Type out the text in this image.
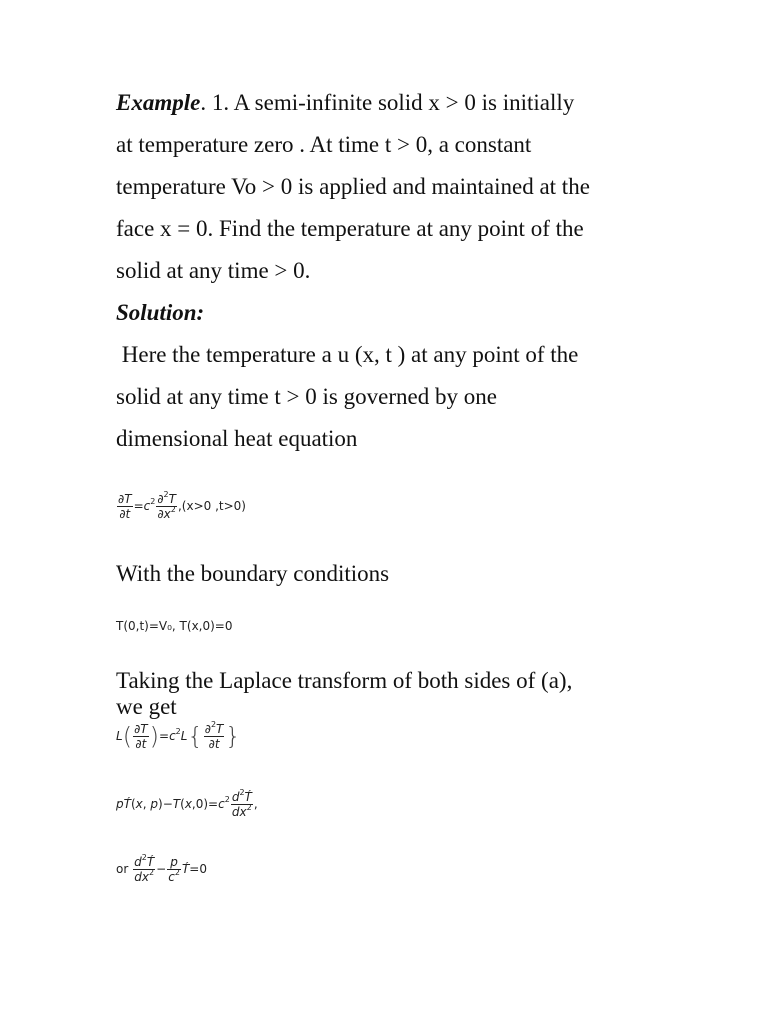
Example. 1. A semi-infinite solid x > 0 is initially
at temperature zero . At time t > 0, a constant
temperature Vo > 0 is applied and maintained at the
face x = 0. Find the temperature at any point of the
solid at any time > 0.
Solution:
Here the temperature a u (x, t ) at any point of the
solid at any time t > 0 is governed by one
dimensional heat equation
$\frac{\partial T}{\partial t} =c^2 \frac{\partial^2T}{\partial x^2} ,(x>0$ ,t>0)
With the boundary conditions
T(0,t)=V₀, T(x,0)=0
Taking the Laplace transform of both sides of (a),
we get
$L( \frac{\partial T}{\partial t} )=c^2L\{ \frac{\partial^2T}{\partial t}$ }
pT́(x, $p)-T(x,0)=c^2 \frac{d^2T́}{dx^2}$ ,
or $\frac{d^2T́}{dx^2} - \frac{p}{c^2}$ T́=0
